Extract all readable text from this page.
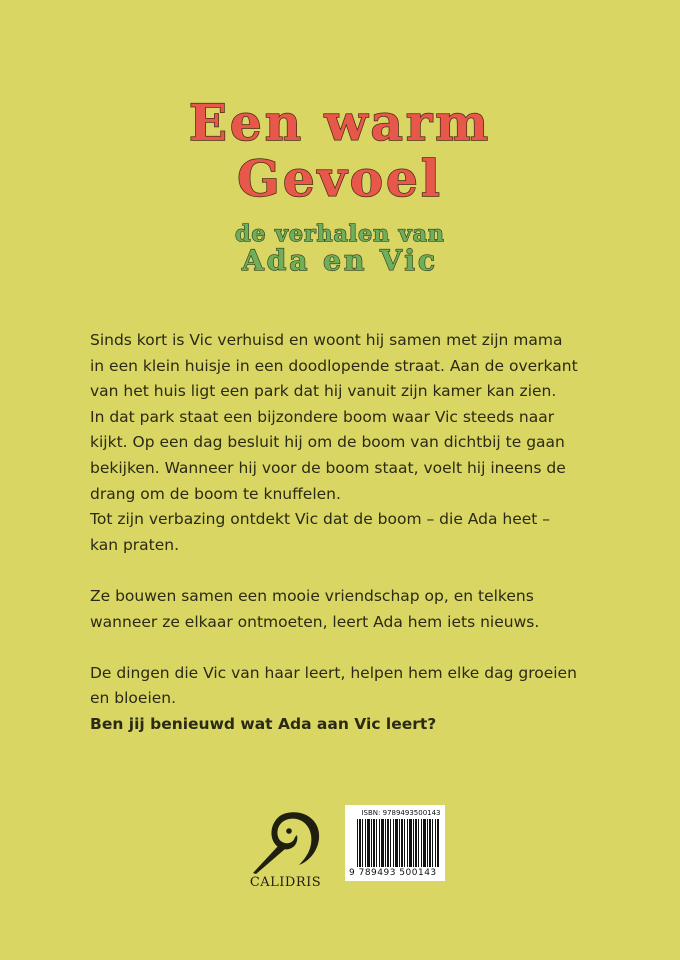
Een warm
Gevoel
de verhalen van
Ada en Vic

Sinds kort is Vic verhuisd en woont hij samen met zijn mama

in een klein huisje in een doodlopende straat. Aan de overkant

van het huis ligt een park dat hij vanuit zijn kamer kan zien.

In dat park staat een bijzondere boom waar Vic steeds naar

kijkt. Op een dag besluit hij om de boom van dichtbij te gaan

bekijken. Wanneer hij voor de boom staat, voelt hij ineens de

drang om de boom te knuffelen.

Tot zijn verbazing ontdekt Vic dat de boom – die Ada heet –

kan praten.

Ze bouwen samen een mooie vriendschap op, en telkens

wanneer ze elkaar ontmoeten, leert Ada hem iets nieuws.

De dingen die Vic van haar leert, helpen hem elke dag groeien

en bloeien.

Ben jij benieuwd wat Ada aan Vic leert?

CALIDRIS
ISBN: 9789493500143
9 789493 500143
